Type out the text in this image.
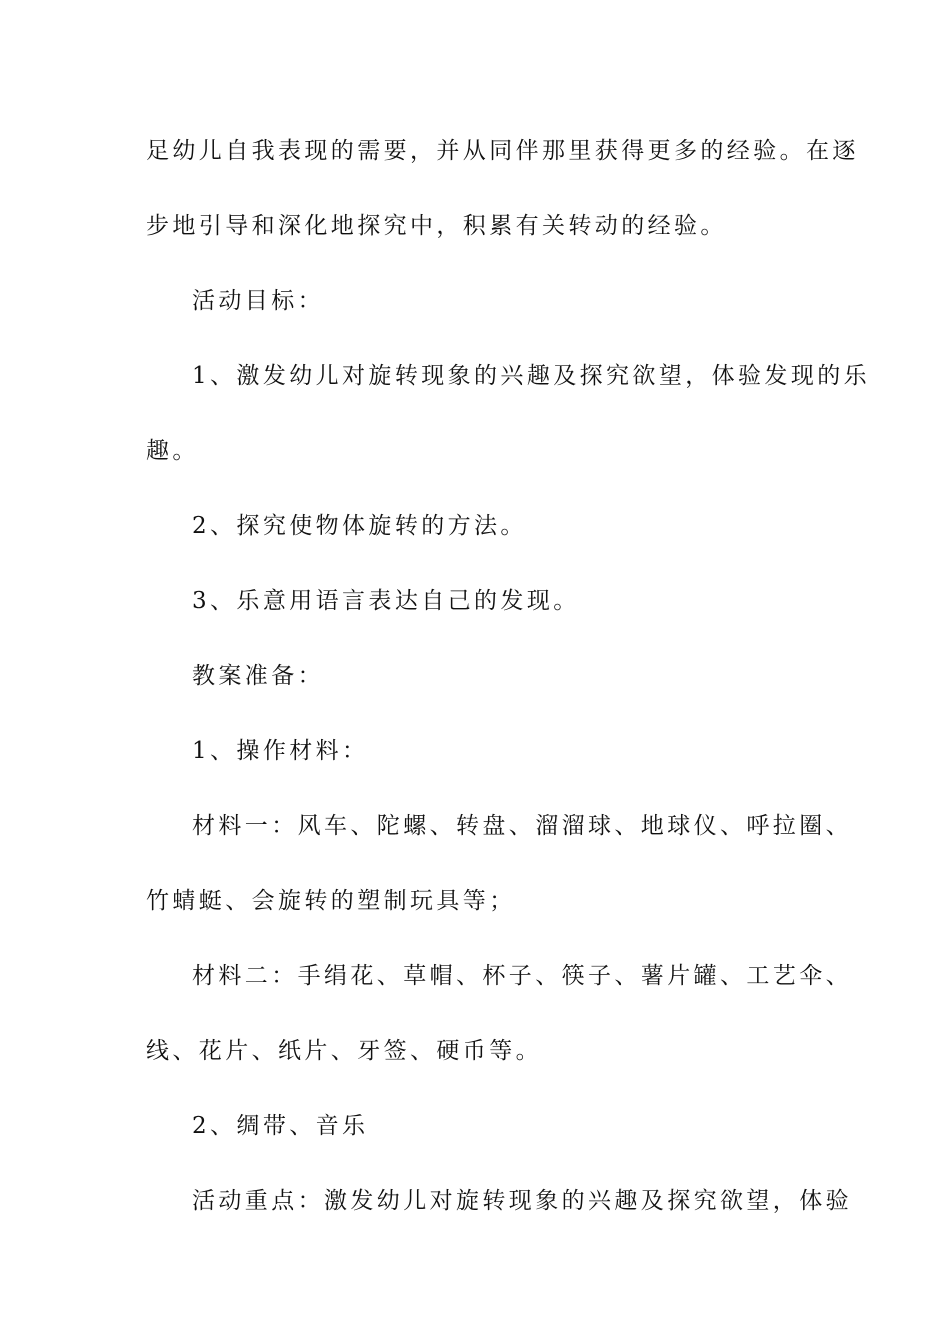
足幼儿自我表现的需要，并从同伴那里获得更多的经验。在逐
步地引导和深化地探究中，积累有关转动的经验。
活动目标：
1、激发幼儿对旋转现象的兴趣及探究欲望，体验发现的乐
趣。
2、探究使物体旋转的方法。
3、乐意用语言表达自己的发现。
教案准备：
1、操作材料：
材料一：风车、陀螺、转盘、溜溜球、地球仪、呼拉圈、
竹蜻蜓、会旋转的塑制玩具等；
材料二：手绢花、草帽、杯子、筷子、薯片罐、工艺伞、
线、花片、纸片、牙签、硬币等。
2、绸带、音乐
活动重点：激发幼儿对旋转现象的兴趣及探究欲望，体验
